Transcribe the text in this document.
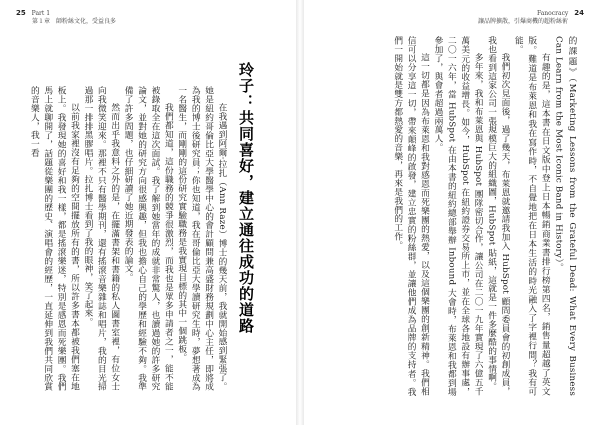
25 Part 1
第１章　師粉絲文化，受益良多
玲子：共同喜好，建立通往成功的道路

在我遇到阿爾·拉扎（Ann Raze）博士的幾天前，我就開始感到緊張了。她是紐約哥倫比亞大學醫學中心的會計顧問兼高盛財務規劃中心主任，即將成為我的博士後研究員；你也知道，我在哥倫比亞大學讀研究生時，夢想著成為一名醫生，而剛剛的這份研究實驗職務是我實現目標的其中一個跳板。

我們都知道，這份職務的競爭很激烈，而我也是眾多申請者之一，能不能被錄取全在這次面試。我了解到她當年的成就非常驚人，也讀過她的許多研究論文，並對她的研究方向很感興趣，但我也擔心自己的學歷和經驗不夠。我準備了許多問題，也仔細研讀了她近期發表的論文。

然而出乎我意料之外的是，在擺滿書架和書籍的私人圖書室裡，有位女士向我微笑迎來。那裡不只有醫學期刊，還有搖滾音樂雜誌和唱片，我的目光掃過那一排排黑膠唱片。拉扎博士看到了我的眼神，笑了起來。

以前我家裡沒有足夠的空間擺放所有的書，所以許多書本都被我們塞在地板上。我發現她的喜好和我一樣，都是搖滾樂迷，特別是感恩而死樂團。我們馬上就聊開了，話題從樂團的歷史、演唱會的經歷，一直延伸到我們共同欣賞的音樂人，我一看

Fanocracy 24
讓品牌擴散，引爆商機的超粉絲術

的課題》（Marketing Lessons from the Grateful Dead: What Every Business Can Learn from the Most Iconic Band in History）。

有趣的是，這本書在日文版中登上日本暢銷商業書排行榜第四名，銷售量超越了英文版。難道是布萊恩和我在寫作時，不自覺地把在日本生活的時光融入了字裡行間？我有可能。

我們初次見面後，過了幾天，布萊恩就邀請我加入 HubSpot 顧問委員會的初創成員，我也看到這家公司一張規模巨大的組織圖，HubSpot 貼紙，這就是一件多麼酷的事情啊。

多年來，我和布萊恩與 HubSpot 團隊密切合作，讓公司在二〇一九年實現了六億五千萬美元的收益增長。如今，HubSpot 在紐約證券交易所上市，並在全球各地設有辦事處，二〇一六年，當 HubSpot 在由本書的紐約總部舉辦 Inbound 大會時，布萊恩和我都到場參加了，與會者超過兩萬人。

這一切都是因為布萊恩和我對感恩而死樂團的熱愛，以及這個樂團的創新精神。我們相信可以分享這一切，帶來顛峰的啟發，建立忠實的粉絲群，並讓他們成為品牌的支持者。我們一開始就是雙方都熱愛的音樂，再來是我們的工作。
